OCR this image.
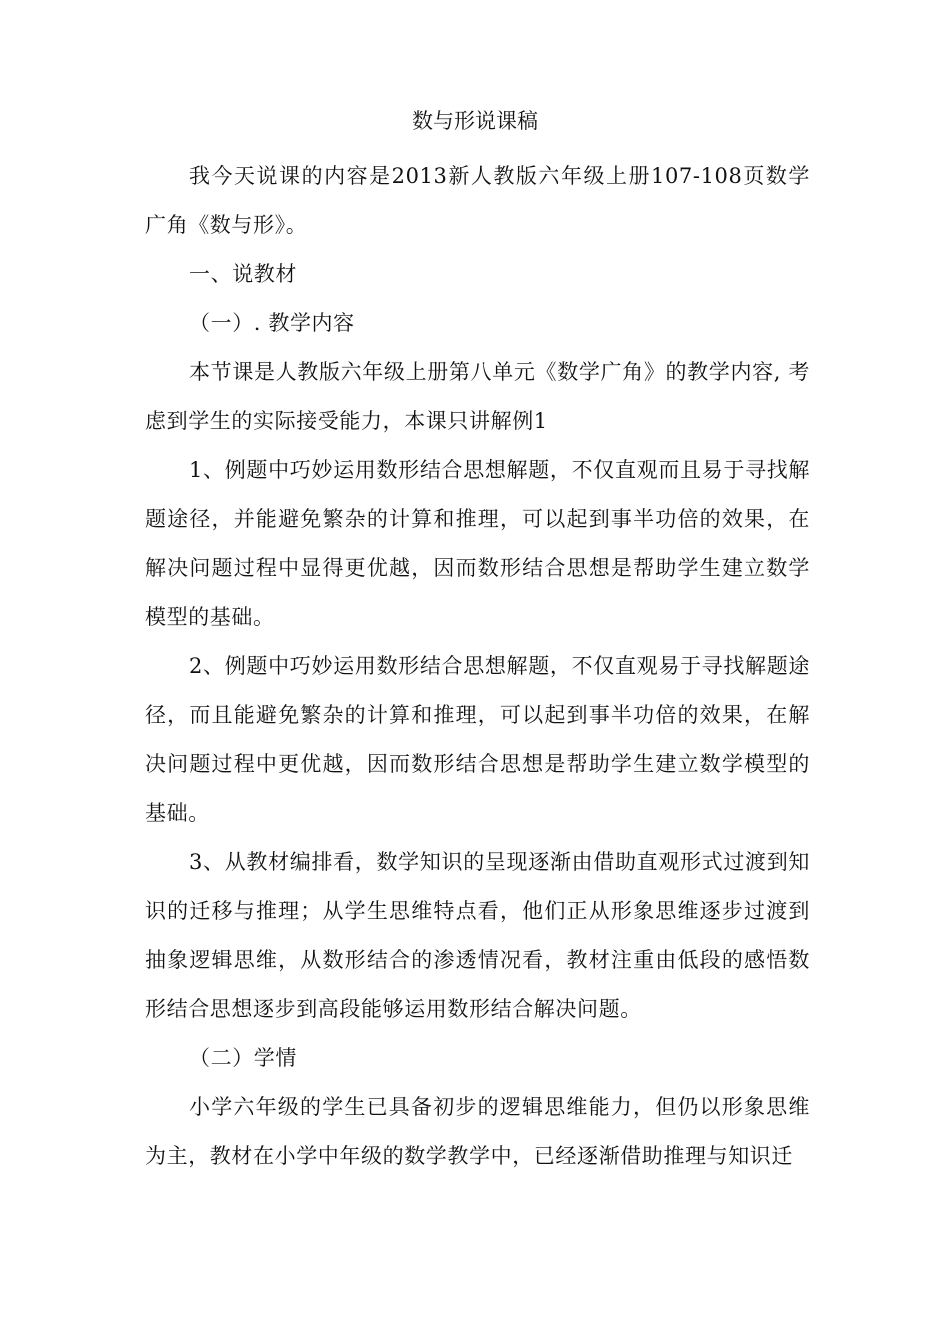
数与形说课稿

我今天说课的内容是2013新人教版六年级上册107-108页数学广角《数与形》。

一、说教材

（一）. 教学内容

本节课是人教版六年级上册第八单元《数学广角》的教学内容, 考虑到学生的实际接受能力，本课只讲解例1

1、例题中巧妙运用数形结合思想解题，不仅直观而且易于寻找解题途径，并能避免繁杂的计算和推理，可以起到事半功倍的效果，在解决问题过程中显得更优越，因而数形结合思想是帮助学生建立数学模型的基础。

2、例题中巧妙运用数形结合思想解题，不仅直观易于寻找解题途径，而且能避免繁杂的计算和推理，可以起到事半功倍的效果，在解决问题过程中更优越，因而数形结合思想是帮助学生建立数学模型的基础。

3、从教材编排看，数学知识的呈现逐渐由借助直观形式过渡到知识的迁移与推理；从学生思维特点看，他们正从形象思维逐步过渡到抽象逻辑思维，从数形结合的渗透情况看，教材注重由低段的感悟数形结合思想逐步到高段能够运用数形结合解决问题。

（二）学情

小学六年级的学生已具备初步的逻辑思维能力，但仍以形象思维为主，教材在小学中年级的数学教学中，已经逐渐借助推理与知识迁
